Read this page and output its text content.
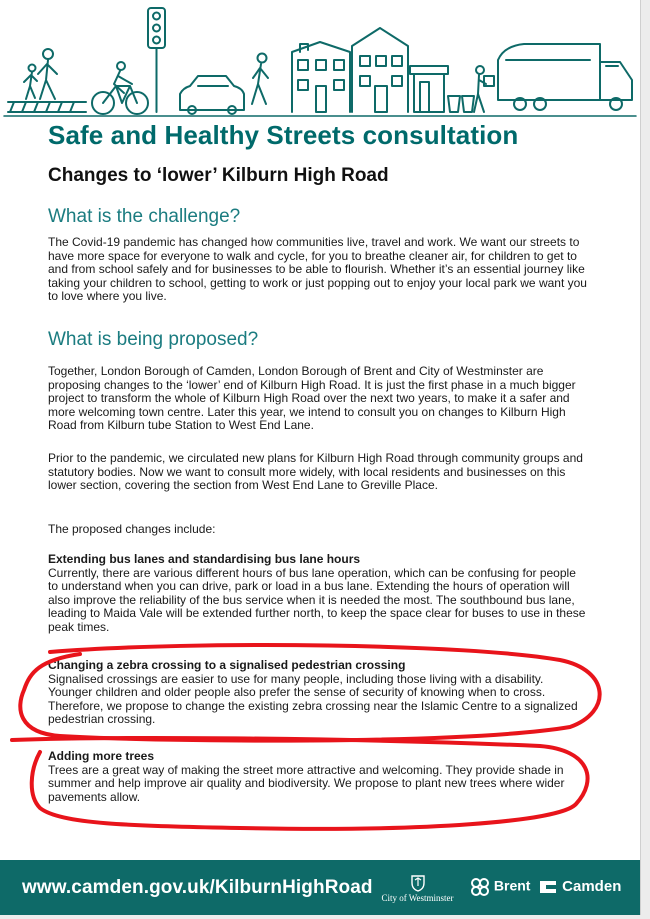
Safe and Healthy Streets consultation
Changes to ‘lower’ Kilburn High Road
What is the challenge?

The Covid-19 pandemic has changed how communities live, travel and work. We want our streets to have more space for everyone to walk and cycle, for you to breathe cleaner air, for children to get to and from school safely and for businesses to be able to flourish. Whether it’s an essential journey like taking your children to school, getting to work or just popping out to enjoy your local park we want you to love where you live.

What is being proposed?

Together, London Borough of Camden, London Borough of Brent and City of Westminster are proposing changes to the ‘lower’ end of Kilburn High Road. It is just the first phase in a much bigger project to transform the whole of Kilburn High Road over the next two years, to make it a safer and more welcoming town centre. Later this year, we intend to consult you on changes to Kilburn High Road from Kilburn tube Station to West End Lane.

Prior to the pandemic, we circulated new plans for Kilburn High Road through community groups and statutory bodies. Now we want to consult more widely, with local residents and businesses on this lower section, covering the section from West End Lane to Greville Place.

The proposed changes include:

Extending bus lanes and standardising bus lane hours
Currently, there are various different hours of bus lane operation, which can be confusing for people to understand when you can drive, park or load in a bus lane. Extending the hours of operation will also improve the reliability of the bus service when it is needed the most. The southbound bus lane, leading to Maida Vale will be extended further north, to keep the space clear for buses to use in these peak times.
Changing a zebra crossing to a signalised pedestrian crossing
Signalised crossings are easier to use for many people, including those living with a disability. Younger children and older people also prefer the sense of security of knowing when to cross. Therefore, we propose to change the existing zebra crossing near the Islamic Centre to a signalized pedestrian crossing.
Adding more trees
Trees are a great way of making the street more attractive and welcoming. They provide shade in summer and help improve air quality and biodiversity. We propose to plant new trees where wider pavements allow.
www.camden.gov.uk/KilburnHighRoad City of Westminster
Brent	Camden
